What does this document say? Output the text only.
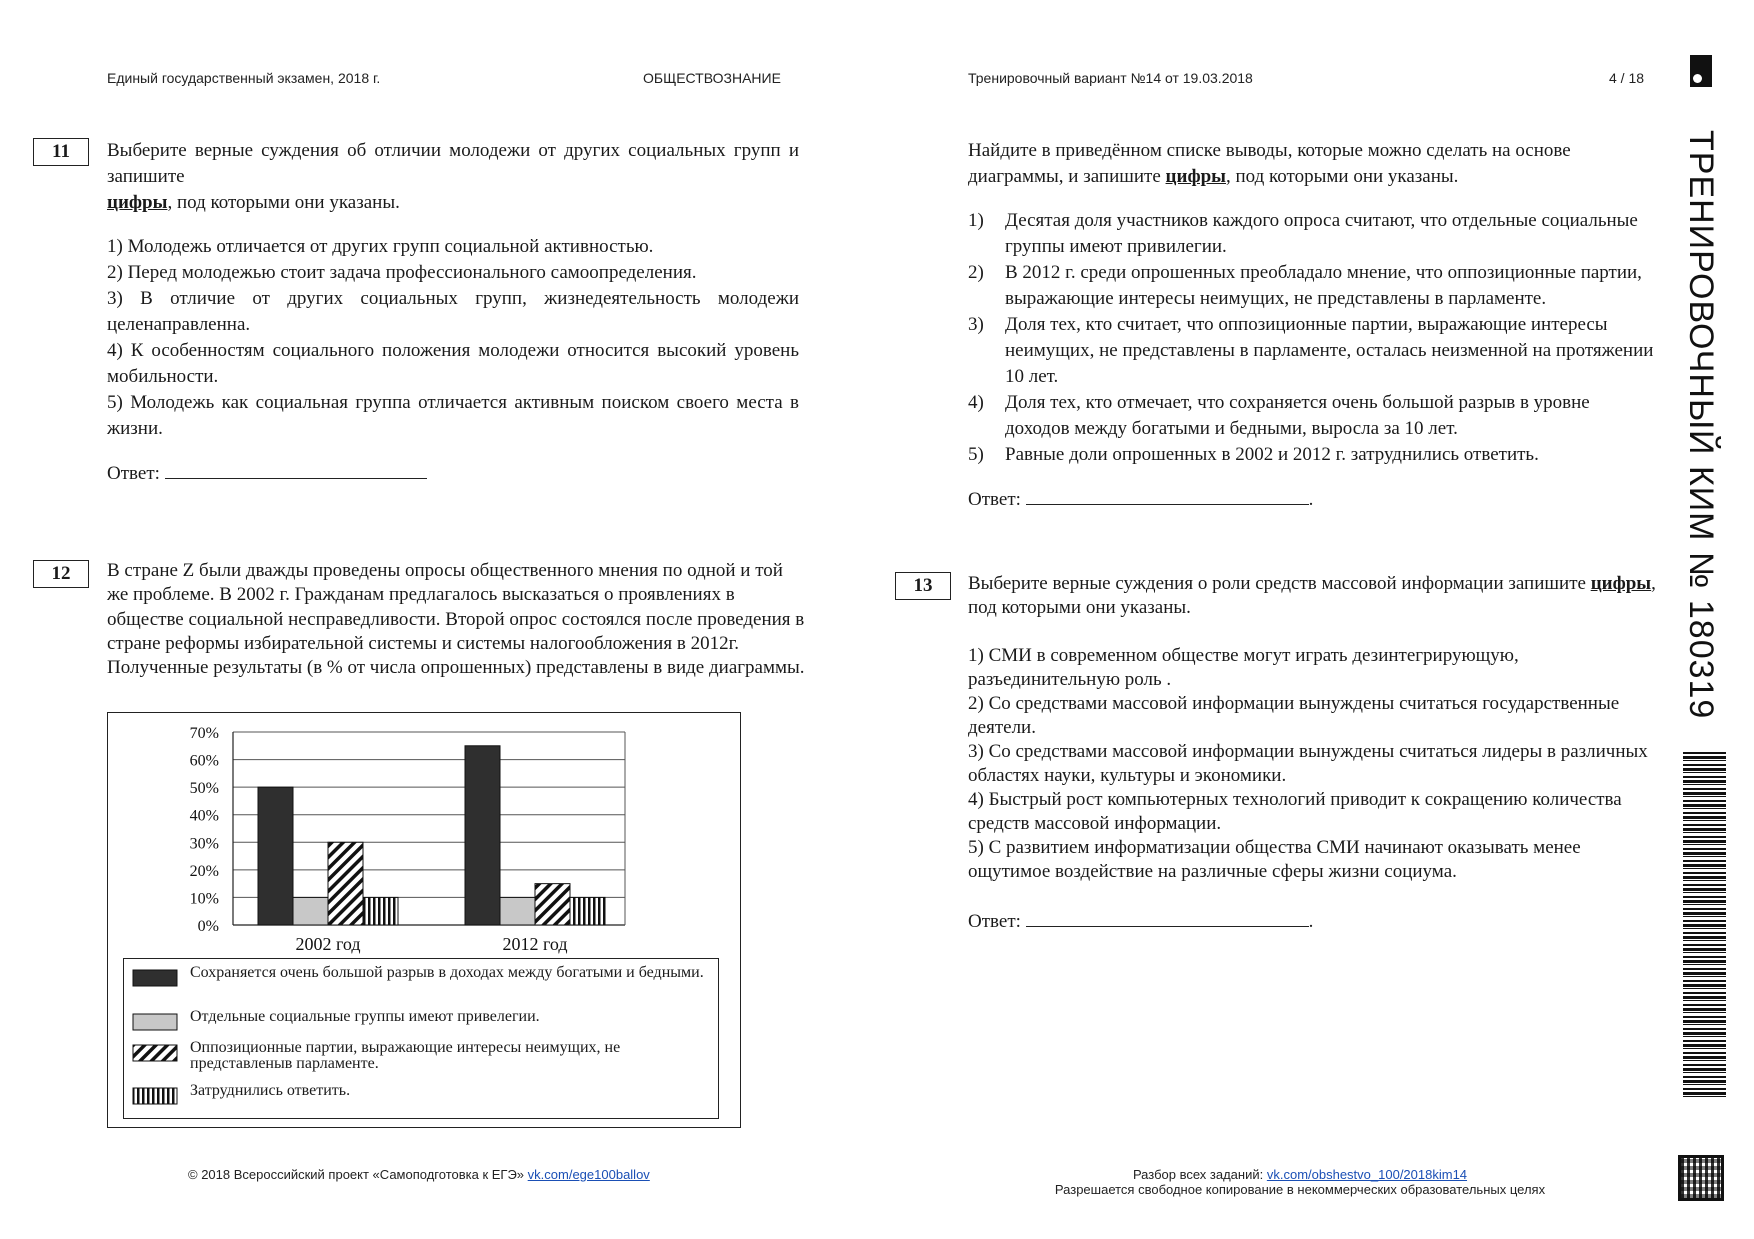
Единый государственный экзамен, 2018 г.	ОБЩЕСТВОЗНАНИЕ	Тренировочный вариант №14 от 19.03.2018	4 / 18
ТРЕНИРОВОЧНЫЙ КИМ № 180319
11	Выберите верные суждения об отличии молодежи от других социальных групп и запишите
цифры, под которыми они указаны.

1) Молодежь отличается от других групп социальной активностью.
2) Перед молодежью стоит задача профессионального самоопределения.
3) В отличие от других социальных групп, жизнедеятельность молодежи целенаправленна.
4) К особенностям социального положения молодежи относится высокий уровень мобильности.
5) Молодежь как социальная группа отличается активным поиском своего места в жизни.

Ответ:

12	В стране Z были дважды проведены опросы общественного мнения по одной и той же проблеме. В 2002 г. Гражданам предлагалось высказаться о проявлениях в обществе социальной несправедливости. Второй опрос состоялся после проведения в стране реформы избирательной системы и системы налогообложения в 2012г. Полученные результаты (в % от числа опрошенных) представлены в виде диаграммы.
0%
10%
20%
30%
40%
50%
60%
70%
2002 год	2012 год
Сохраняется очень большой разрыв в доходах между богатыми и бедными.
Отдельные социальные группы имеют привелегии.
Оппозиционные партии, выражающие интересы неимущих, не представленыв парламенте.
Затруднились ответить.

Найдите в приведённом списке выводы, которые можно сделать на основе диаграммы, и запишите цифры, под которыми они указаны.

1)	Десятая доля участников каждого опроса считают, что отдельные социальные группы имеют привилегии.
2)	В 2012 г. среди опрошенных преобладало мнение, что оппозиционные партии, выражающие интересы неимущих, не представлены в парламенте.
3)	Доля тех, кто считает, что оппозиционные партии, выражающие интересы неимущих, не представлены в парламенте, осталась неизменной на протяжении 10 лет.
4)	Доля тех, кто отмечает, что сохраняется очень большой разрыв в уровне доходов между богатыми и бедными, выросла за 10 лет.
5)	Равные доли опрошенных в 2002 и 2012 г. затруднились ответить.

Ответ:	.

13	Выберите верные суждения о роли средств массовой информации запишите цифры, под которыми они указаны.

1) СМИ в современном обществе могут играть дезинтегрирующую, разъединительную роль .
2) Со средствами массовой информации вынуждены считаться государственные деятели.
3) Со средствами массовой информации вынуждены считаться лидеры в различных областях науки, культуры и экономики.
4) Быстрый рост компьютерных технологий приводит к сокращению количества средств массовой информации.
5) С развитием информатизации общества СМИ начинают оказывать менее ощутимое воздействие на различные сферы жизни социума.

Ответ:	.

© 2018 Всероссийский проект «Самоподготовка к ЕГЭ» vk.com/ege100ballov	Разбор всех заданий: vk.com/obshestvo_100/2018kim14
Разрешается свободное копирование в некоммерческих образовательных целях
